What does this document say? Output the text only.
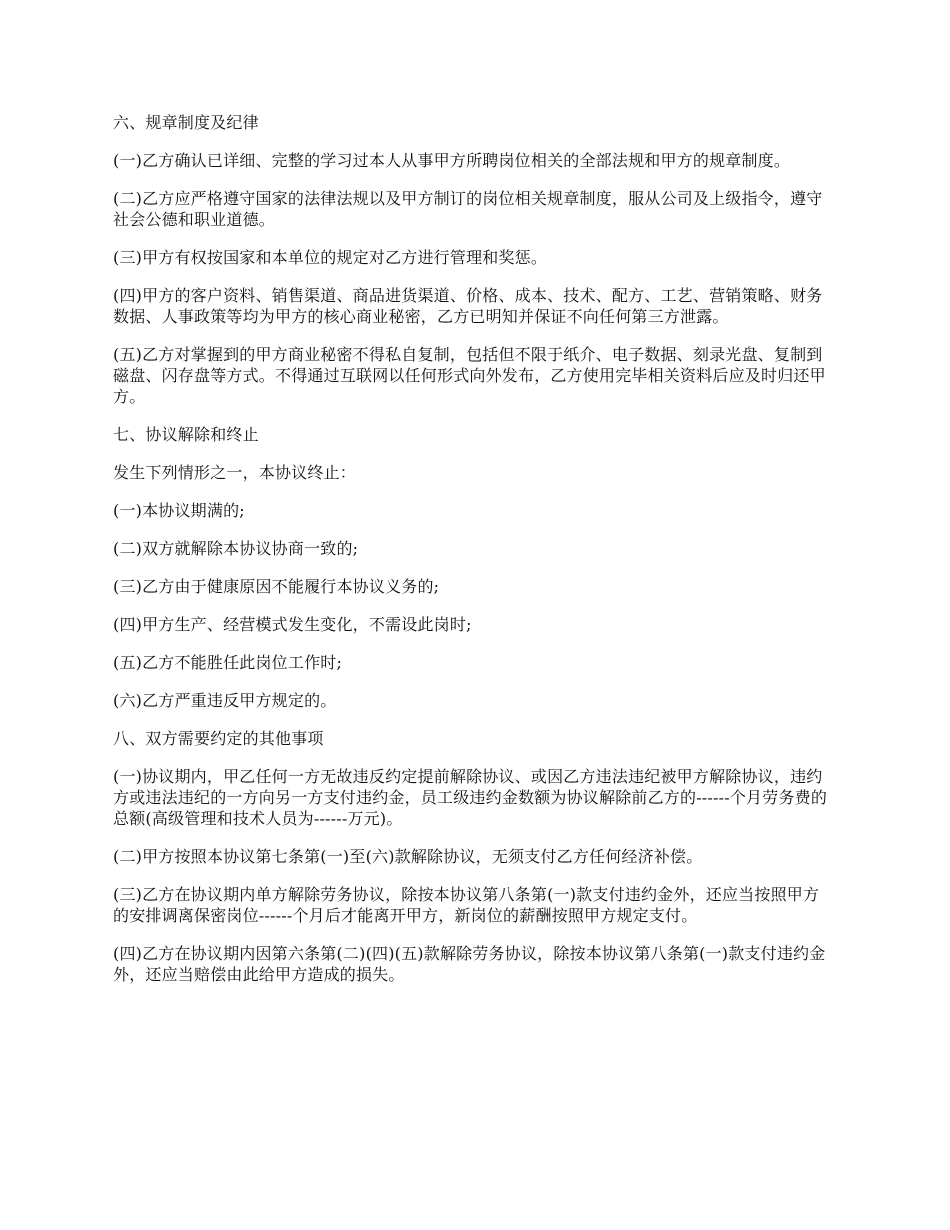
六、规章制度及纪律

(一)乙方确认已详细、完整的学习过本人从事甲方所聘岗位相关的全部法规和甲方的规章制度。

(二)乙方应严格遵守国家的法律法规以及甲方制订的岗位相关规章制度，服从公司及上级指令，遵守社会公德和职业道德。

(三)甲方有权按国家和本单位的规定对乙方进行管理和奖惩。

(四)甲方的客户资料、销售渠道、商品进货渠道、价格、成本、技术、配方、工艺、营销策略、财务数据、人事政策等均为甲方的核心商业秘密，乙方已明知并保证不向任何第三方泄露。

(五)乙方对掌握到的甲方商业秘密不得私自复制，包括但不限于纸介、电子数据、刻录光盘、复制到磁盘、闪存盘等方式。不得通过互联网以任何形式向外发布，乙方使用完毕相关资料后应及时归还甲方。

七、协议解除和终止

发生下列情形之一，本协议终止：

(一)本协议期满的;

(二)双方就解除本协议协商一致的;

(三)乙方由于健康原因不能履行本协议义务的;

(四)甲方生产、经营模式发生变化，不需设此岗时;

(五)乙方不能胜任此岗位工作时;

(六)乙方严重违反甲方规定的。

八、双方需要约定的其他事项

(一)协议期内，甲乙任何一方无故违反约定提前解除协议、或因乙方违法违纪被甲方解除协议，违约方或违法违纪的一方向另一方支付违约金，员工级违约金数额为协议解除前乙方的------个月劳务费的总额(高级管理和技术人员为------万元)。

(二)甲方按照本协议第七条第(一)至(六)款解除协议，无须支付乙方任何经济补偿。

(三)乙方在协议期内单方解除劳务协议，除按本协议第八条第(一)款支付违约金外，还应当按照甲方的安排调离保密岗位------个月后才能离开甲方，新岗位的薪酬按照甲方规定支付。

(四)乙方在协议期内因第六条第(二)(四)(五)款解除劳务协议，除按本协议第八条第(一)款支付违约金外，还应当赔偿由此给甲方造成的损失。
